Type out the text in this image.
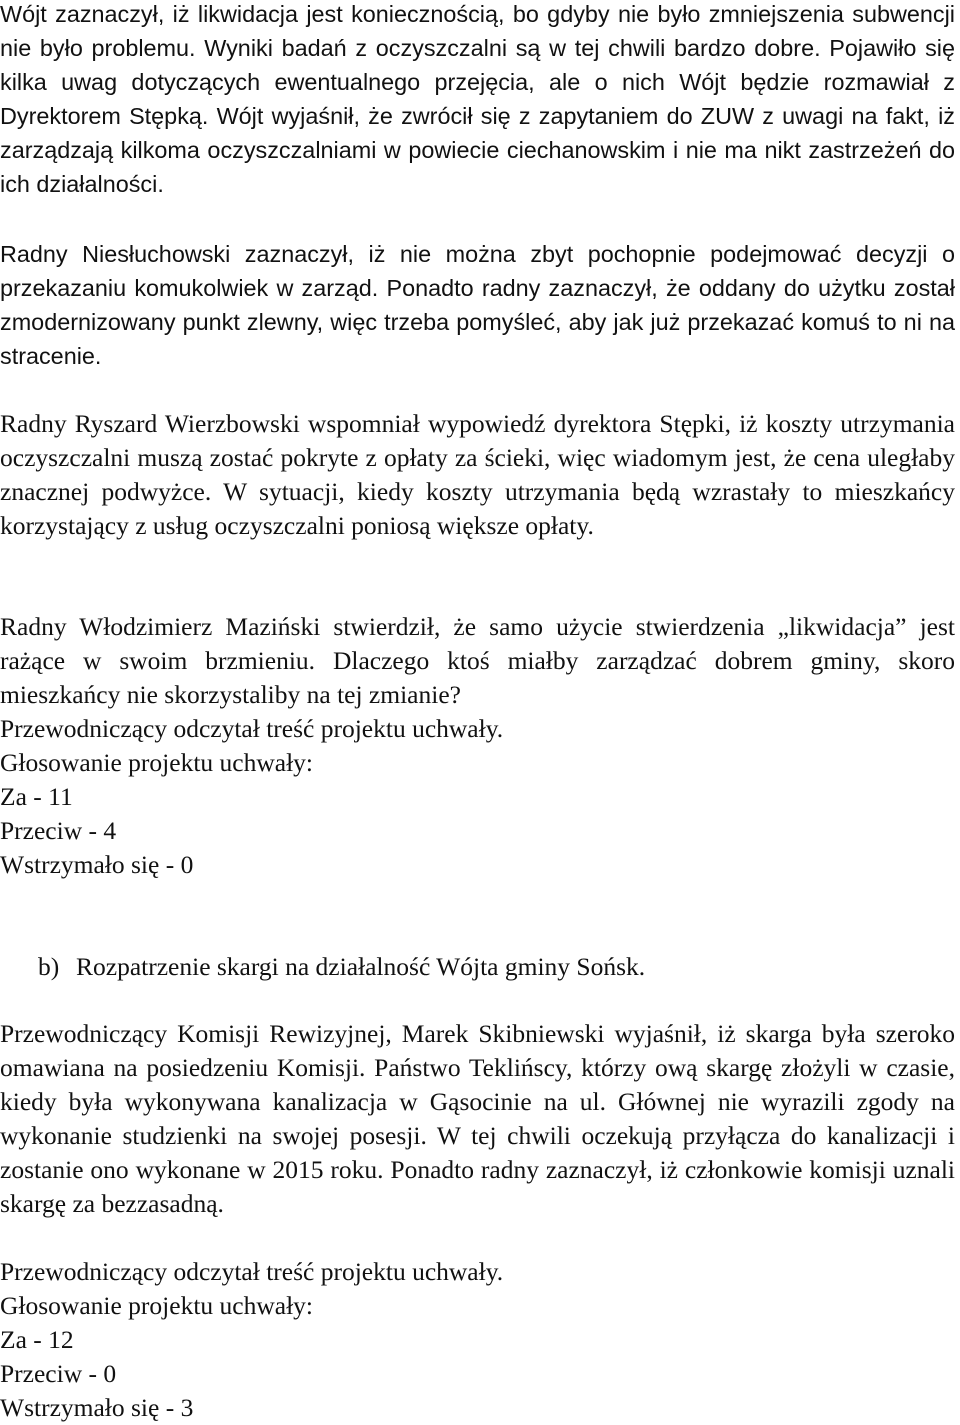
Wójt zaznaczył, iż likwidacja jest koniecznością, bo gdyby nie było zmniejszenia subwencji nie było problemu. Wyniki badań z oczyszczalni są w tej chwili bardzo dobre. Pojawiło się kilka uwag dotyczących ewentualnego przejęcia, ale o nich Wójt będzie rozmawiał z Dyrektorem Stępką. Wójt wyjaśnił, że zwrócił się z zapytaniem do ZUW z uwagi na fakt, iż zarządzają kilkoma oczyszczalniami w powiecie ciechanowskim i nie ma nikt zastrzeżeń do ich działalności.

Radny Niesłuchowski zaznaczył, iż nie można zbyt pochopnie podejmować decyzji o przekazaniu komukolwiek w zarząd. Ponadto radny zaznaczył, że oddany do użytku został zmodernizowany punkt zlewny, więc trzeba pomyśleć, aby jak już przekazać komuś to ni na stracenie.

Radny Ryszard Wierzbowski wspomniał wypowiedź dyrektora Stępki, iż koszty utrzymania oczyszczalni muszą zostać pokryte z opłaty za ścieki, więc wiadomym jest, że cena uległaby znacznej podwyżce. W sytuacji, kiedy koszty utrzymania będą wzrastały to mieszkańcy korzystający z usług oczyszczalni poniosą większe opłaty.

Radny Włodzimierz Maziński stwierdził, że samo użycie stwierdzenia „likwidacja” jest rażące w swoim brzmieniu. Dlaczego ktoś miałby zarządzać dobrem gminy, skoro mieszkańcy nie skorzystaliby na tej zmianie?

Przewodniczący odczytał treść projektu uchwały.
Głosowanie projektu uchwały:
Za - 11
Przeciw - 4
Wstrzymało się - 0
b) Rozpatrzenie skargi na działalność Wójta gminy Sońsk.

Przewodniczący Komisji Rewizyjnej, Marek Skibniewski wyjaśnił, iż skarga była szeroko omawiana na posiedzeniu Komisji. Państwo Teklińscy, którzy ową skargę złożyli w czasie, kiedy była wykonywana kanalizacja w Gąsocinie na ul. Głównej nie wyrazili zgody na wykonanie studzienki na swojej posesji. W tej chwili oczekują przyłącza do kanalizacji i zostanie ono wykonane w 2015 roku. Ponadto radny zaznaczył, iż członkowie komisji uznali skargę za bezzasadną.

Przewodniczący odczytał treść projektu uchwały.
Głosowanie projektu uchwały:
Za - 12
Przeciw - 0
Wstrzymało się - 3
